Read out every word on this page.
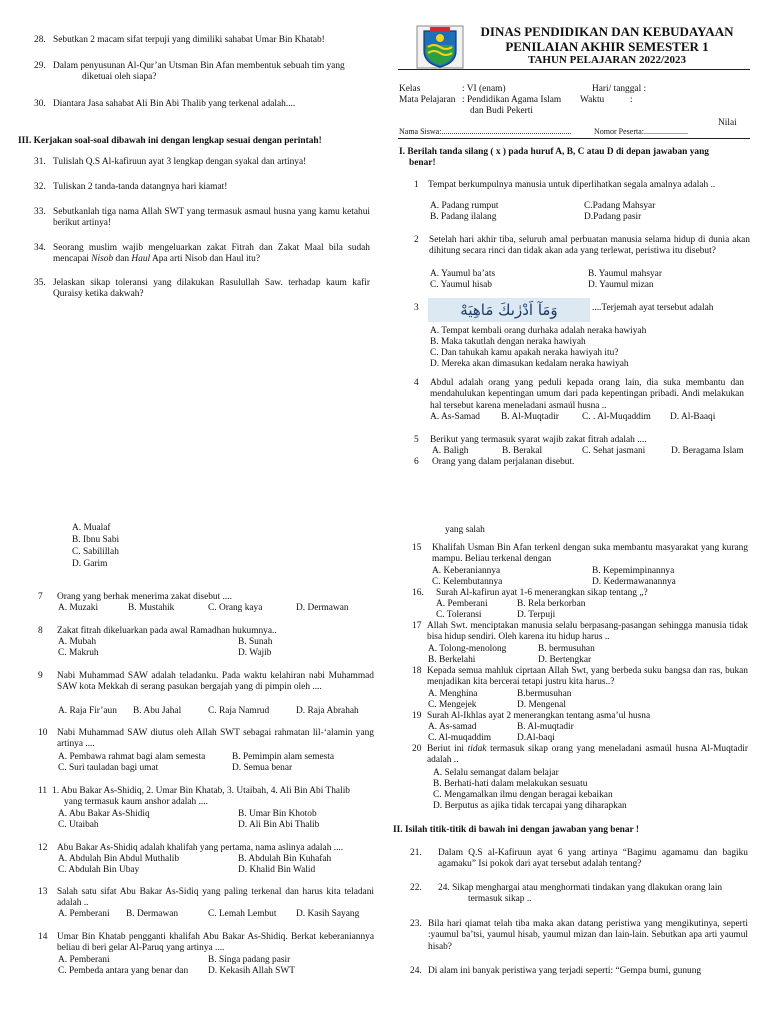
DINAS PENDIDIKAN DAN KEBUDAYAAN
PENILAIAN AKHIR SEMESTER 1
TAHUN PELAJARAN 2022/2023
Kelas	: VI (enam)	Hari/ tanggal :
Mata Pelajaran : Pendidikan Agama Islam Waktu	:
dan Budi Pekerti
Nilai
Nama Siswa:.................................................................	Nomor Peserta:......................
28. Sebutkan 2 macam sifat terpuji yang dimiliki sahabat Umar Bin Khatab!
29. Dalam penyusunan Al-Qur’an Utsman Bin Afan membentuk sebuah tim yang
diketuai oleh siapa?
30. Diantara Jasa sahabat Ali Bin Abi Thalib yang terkenal adalah....
III. Kerjakan soal-soal dibawah ini dengan lengkap sesuai dengan perintah!
31. Tulislah Q.S Al-kafiruun ayat 3 lengkap dengan syakal dan artinya!
32. Tuliskan 2 tanda-tanda datangnya hari kiamat!
33. Sebutkanlah tiga nama Allah SWT yang termasuk asmaul husna yang kamu ketahui berikut artinya!
34. Seorang muslim wajib mengeluarkan zakat Fitrah dan Zakat Maal bila sudah mencapai Nisob dan Haul Apa arti Nisob dan Haul itu?
35. Jelaskan sikap toleransi yang dilakukan Rasulullah Saw. terhadap kaum kafir Quraisy ketika dakwah?
I. Berilah tanda silang ( x ) pada huruf A, B, C atau D di depan jawaban yang
benar!
1 Tempat berkumpulnya manusia untuk diperlihatkan segala amalnya adalah ..
A. Padang rumput	C.Padang Mahsyar
B. Padang ilalang	D.Padang pasir
2	Setelah hari akhir tiba, seluruh amal perbuatan manusia selama hidup di dunia akan dihitung secara rinci dan tidak akan ada yang terlewat, peristiwa itu disebut?
A. Yaumul ba’ats	B. Yaumul mahsyar
C. Yaumul hisab	D. Yaumul mizan
3	وَمَآ اَدْرٰىكَ مَاهِيَهْ	....Terjemah ayat tersebut adalah
A. Tempat kembali orang durhaka adalah neraka hawiyah
B. Maka takutlah dengan neraka hawiyah
C. Dan tahukah kamu apakah neraka hawiyah itu?
D. Mereka akan dimasukan kedalam neraka hawiyah
4	Abdul adalah orang yang peduli kepada orang lain, dia suka membantu dan mendahulukan kepentingan umum dari pada kepentingan pribadi. Andi melakukan hal tersebut karena meneladani asmaúl husna ..
A. As-Samad B. Al-Muqtadir C. . Al-Muqaddim D. Al-Baaqi
5	Berikut yang termasuk syarat wajib zakat fitrah adalah ....
A. Baligh	B. Berakal	C. Sehat jasmani	D. Beragama Islam
6	Orang yang dalam perjalanan disebut.
A. Mualaf
B. Ibnu Sabi
C. Sabilillah
D. Garim
7	Orang yang berhak menerima zakat disebut ....
A. Muzaki	B. Mustahik	C. Orang kaya	D. Dermawan
8	Zakat fitrah dikeluarkan pada awal Ramadhan hukumnya..
A. Mubah	B. Sunah
C. Makruh	D. Wajib
9	Nabi Muhammad SAW adalah teladanku. Pada waktu kelahiran nabi Muhammad SAW kota Mekkah di serang pasukan bergajah yang di pimpin oleh ....
A. Raja Fir’aun B. Abu Jahal	C. Raja Namrud	D. Raja Abrahah
10	Nabi Muhammad SAW diutus oleh Allah SWT sebagai rahmatan lil-‘alamin yang artinya ....
A. Pembawa rahmat bagi alam semesta	B. Pemimpin alam semesta
C. Suri tauladan bagi umat	D. Semua benar
11 1. Abu Bakar As-Shidiq, 2. Umar Bin Khatab, 3. Utaibah, 4. Ali Bin Abi Thalib
yang termasuk kaum anshor adalah ....
A. Abu Bakar As-Shidiq	B. Umar Bin Khotob
C. Utaibah	D. Ali Bin Abi Thalib
12	Abu Bakar As-Shidiq adalah khalifah yang pertama, nama aslinya adalah ....
A. Abdulah Bin Abdul Muthalib	B. Abdulah Bin Kuhafah
C. Abdulah Bin Ubay	D. Khalid Bin Walid
13	Salah satu sifat Abu Bakar As-Sidiq yang paling terkenal dan harus kita teladani adalah ..
A. Pemberani B. Dermawan	C. Lemah Lembut D. Kasih Sayang
14	Umar Bin Khatab pengganti khalifah Abu Bakar As-Shidiq. Berkat keberaniannya beliau di beri gelar Al-Paruq yang artinya ....
A. Pemberani	B. Singa padang pasir
C. Pembeda antara yang benar dan D. Kekasih Allah SWT
yang salah
15	Khalifah Usman Bin Afan terkenl dengan suka membantu masyarakat yang kurang mampu. Beliau terkenal dengan
A. Keberaniannya	B. Kepemimpinannya
C. Kelembutannya	D. Kedermawanannya
16.	Surah Al-kafirun ayat 1-6 menerangkan sikap tentang „?
A. Pemberani	B. Rela berkorban
C. Toleransi	D. Terpuji
17 Allah Swt. menciptakan manusia selalu berpasang-pasangan sehingga manusia tidak bisa hidup sendiri. Oleh karena itu hidup harus ..
A. Tolong-menolong	B. bermusuhan
B. Berkelahi	D. Bertengkar
18 Kepada semua mahluk ciprtaan Allah Swt, yang berbeda suku bangsa dan ras, bukan menjadikan kita bercerai tetapi justru kita harus..?
A. Menghina	B.bermusuhan
C. Mengejek	D. Mengenal
19 Surah Al-Ikhlas ayat 2 menerangkan tentang asma’ul husna
A. As-samad	B. Al-muqtadir
C. Al-muqaddim	D.Al-baqi
20 Beriut ini tidak termasuk sikap orang yang meneladani asmaúl husna Al-Muqtadir adalah ..
A. Selalu semangat dalam belajar
B. Berhati-hati dalam melakukan sesuatu
C. Mengamalkan ilmu dengan beragai kebaikan
D. Berputus as ajika tidak tercapai yang diharapkan
II. Isilah titik-titik di bawah ini dengan jawaban yang benar !
21.	Dalam Q.S al-Kafiruun ayat 6 yang artinya “Bagimu agamamu dan bagiku agamaku” Isi pokok dari ayat tersebut adalah tentang?
22.	24. Sikap menghargai atau menghormati tindakan yang dlakukan orang lain
termasuk sikap ..
23. Bila hari qiamat telah tiba maka akan datang peristiwa yang mengikutinya, seperti :yaumul ba’tsi, yaumul hisab, yaumul mizan dan lain-lain. Sebutkan apa arti yaumul hisab?
24. Di alam ini banyak peristiwa yang terjadi seperti: “Gempa bumi, gunung
